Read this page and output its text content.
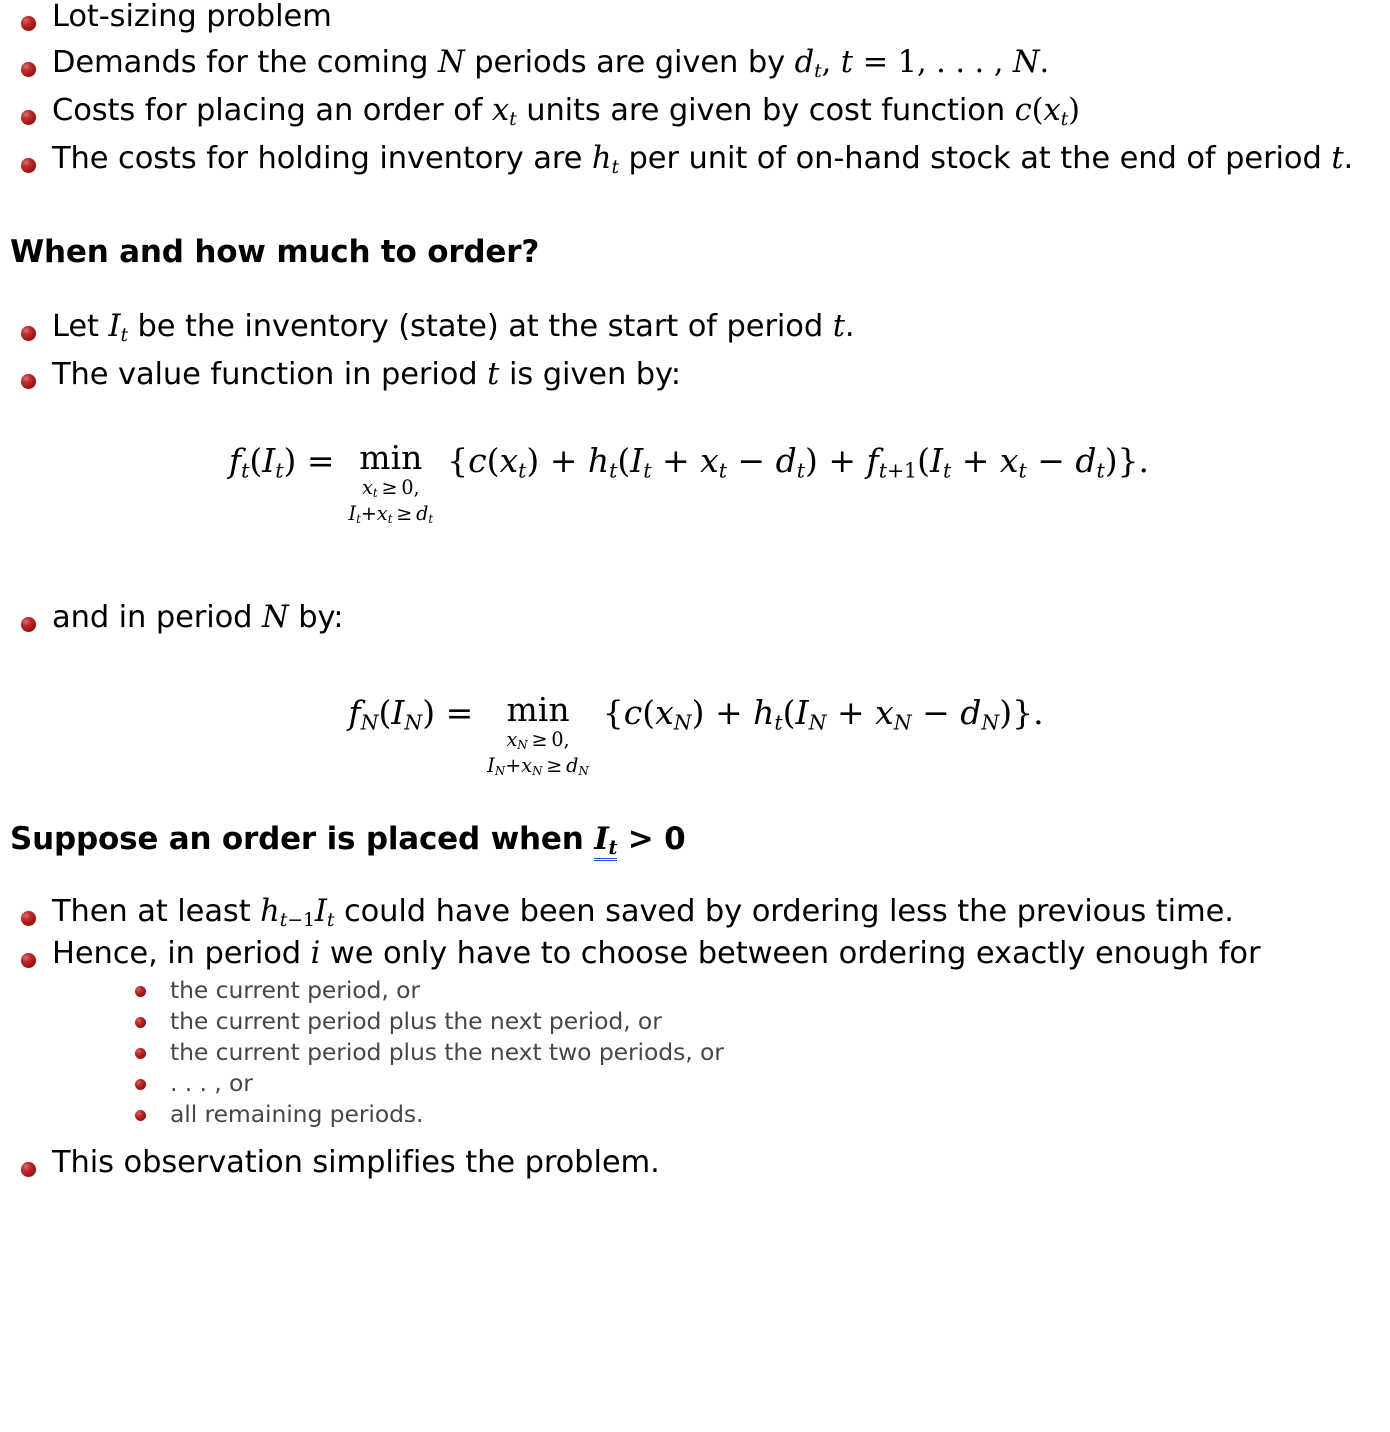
Lot-sizing problem
Demands for the coming N periods are given by $d_t$, t = 1, . . . , N.
Costs for placing an order of $x_t$ units are given by cost function $c(x_t)$
The costs for holding inventory are $h_t$ per unit of on-hand stock at the end of period t.
When and how much to order?
Let $I_t$ be the inventory (state) at the start of period t.
The value function in period t is given by:
$f_t(I_t) = \min$
$x_t \ge 0$,
$I_t+x_t \ge d_t$
$\{c(x_t) + h_t(I_t + x_t - d_t) + f_{t+1}(I_t + x_t - d_t)\}$.
and in period N by:
$f_N(I_N) = \min$
$x_N \ge 0$,
$I_N+x_N \ge d_N$
$\{c(x_N) + h_t(I_N + x_N - d_N)\}$.
Suppose an order is placed when $I_t > 0$
Then at least $h_{t-1}I_t$ could have been saved by ordering less the previous time.
Hence, in period i we only have to choose between ordering exactly enough for
the current period, or
the current period plus the next period, or
the current period plus the next two periods, or
. . . , or
all remaining periods.
This observation simplifies the problem.
